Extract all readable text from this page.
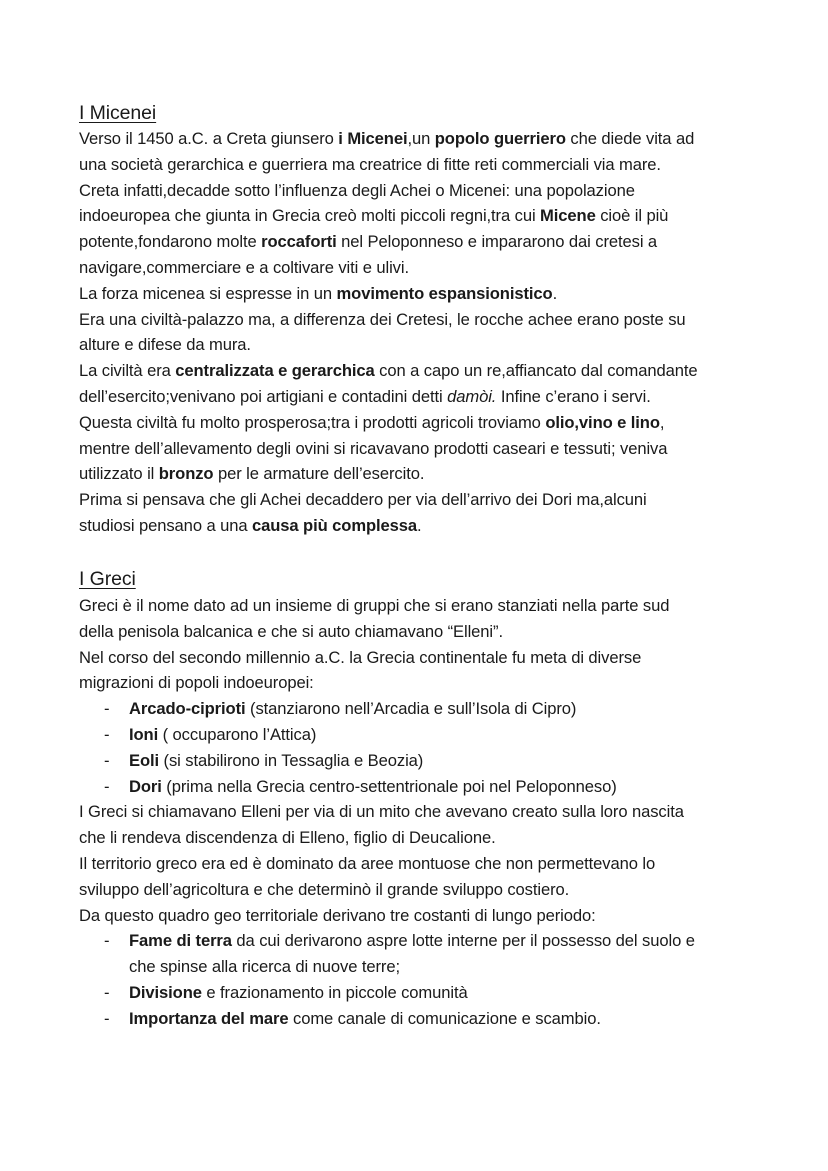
I Micenei

Verso il 1450 a.C. a Creta giunsero i Micenei,un popolo guerriero che diede vita ad

una società gerarchica e guerriera ma creatrice di fitte reti commerciali via mare.

Creta infatti,decadde sotto l’influenza degli Achei o Micenei: una popolazione

indoeuropea che giunta in Grecia creò molti piccoli regni,tra cui Micene cioè il più

potente,fondarono molte roccaforti nel Peloponneso e impararono dai cretesi a

navigare,commerciare e a coltivare viti e ulivi.

La forza micenea si espresse in un movimento espansionistico.

Era una civiltà-palazzo ma, a differenza dei Cretesi, le rocche achee erano poste su

alture e difese da mura.

La civiltà era centralizzata e gerarchica con a capo un re,affiancato dal comandante

dell’esercito;venivano poi artigiani e contadini detti damòi. Infine c’erano i servi.

Questa civiltà fu molto prosperosa;tra i prodotti agricoli troviamo olio,vino e lino,

mentre dell’allevamento degli ovini si ricavavano prodotti caseari e tessuti; veniva

utilizzato il bronzo per le armature dell’esercito.

Prima si pensava che gli Achei decaddero per via dell’arrivo dei Dori ma,alcuni

studiosi pensano a una causa più complessa.

I Greci

Greci è il nome dato ad un insieme di gruppi che si erano stanziati nella parte sud

della penisola balcanica e che si auto chiamavano “Elleni”.

Nel corso del secondo millennio a.C. la Grecia continentale fu meta di diverse

migrazioni di popoli indoeuropei:

- Arcado-ciprioti (stanziarono nell’Arcadia e sull’Isola di Cipro)
- Ioni ( occuparono l’Attica)
- Eoli (si stabilirono in Tessaglia e Beozia)
- Dori (prima nella Grecia centro-settentrionale poi nel Peloponneso)

I Greci si chiamavano Elleni per via di un mito che avevano creato sulla loro nascita

che li rendeva discendenza di Elleno, figlio di Deucalione.

Il territorio greco era ed è dominato da aree montuose che non permettevano lo

sviluppo dell’agricoltura e che determinò il grande sviluppo costiero.

Da questo quadro geo territoriale derivano tre costanti di lungo periodo:

- Fame di terra da cui derivarono aspre lotte interne per il possesso del suolo e
che spinse alla ricerca di nuove terre;
- Divisione e frazionamento in piccole comunità
- Importanza del mare come canale di comunicazione e scambio.
